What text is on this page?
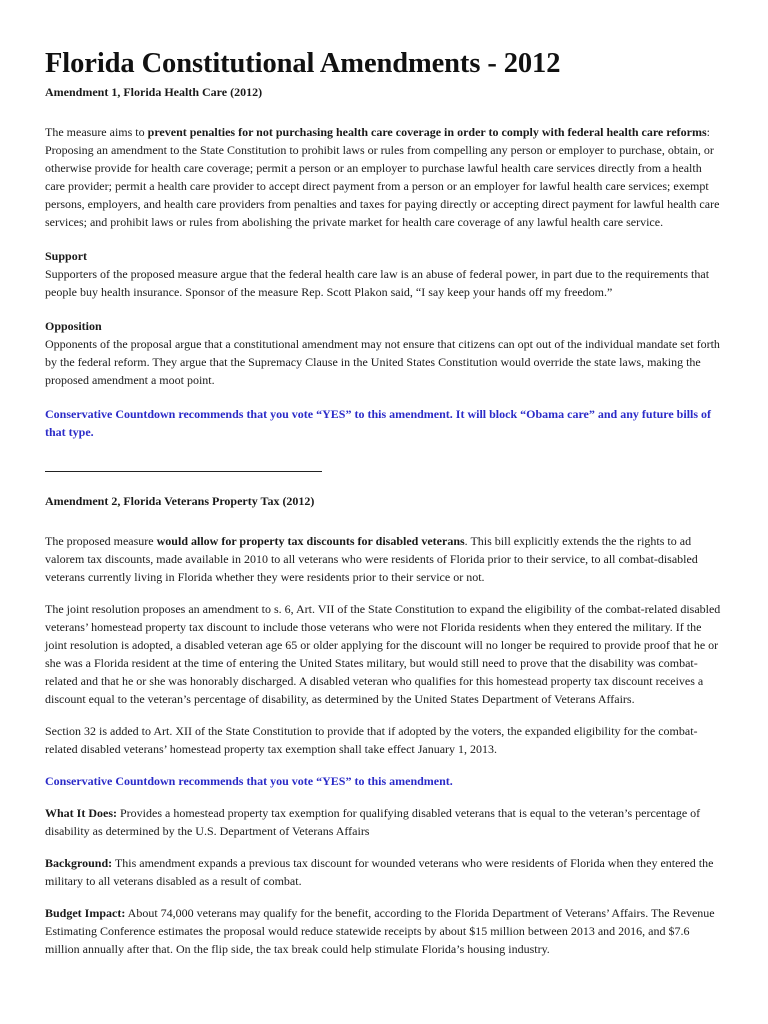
Florida Constitutional Amendments - 2012

Amendment 1, Florida Health Care (2012)

The measure aims to prevent penalties for not purchasing health care coverage in order to comply with federal health care reforms:

Proposing an amendment to the State Constitution to prohibit laws or rules from compelling any person or employer to purchase, obtain, or otherwise provide for health care coverage; permit a person or an employer to purchase lawful health care services directly from a health care provider; permit a health care provider to accept direct payment from a person or an employer for lawful health care services; exempt persons, employers, and health care providers from penalties and taxes for paying directly or accepting direct payment for lawful health care services; and prohibit laws or rules from abolishing the private market for health care coverage of any lawful health care service.

Support

Supporters of the proposed measure argue that the federal health care law is an abuse of federal power, in part due to the requirements that people buy health insurance. Sponsor of the measure Rep. Scott Plakon said, “I say keep your hands off my freedom.”

Opposition

Opponents of the proposal argue that a constitutional amendment may not ensure that citizens can opt out of the individual mandate set forth by the federal reform. They argue that the Supremacy Clause in the United States Constitution would override the state laws, making the proposed amendment a moot point.

Conservative Countdown recommends that you vote “YES” to this amendment. It will block “Obama care” and any future bills of that type.

Amendment 2, Florida Veterans Property Tax (2012)

The proposed measure would allow for property tax discounts for disabled veterans. This bill explicitly extends the the rights to ad valorem tax discounts, made available in 2010 to all veterans who were residents of Florida prior to their service, to all combat-disabled veterans currently living in Florida whether they were residents prior to their service or not.

The joint resolution proposes an amendment to s. 6, Art. VII of the State Constitution to expand the eligibility of the combat-related disabled veterans’ homestead property tax discount to include those veterans who were not Florida residents when they entered the military. If the joint resolution is adopted, a disabled veteran age 65 or older applying for the discount will no longer be required to provide proof that he or she was a Florida resident at the time of entering the United States military, but would still need to prove that the disability was combat-related and that he or she was honorably discharged. A disabled veteran who qualifies for this homestead property tax discount receives a discount equal to the veteran’s percentage of disability, as determined by the United States Department of Veterans Affairs.

Section 32 is added to Art. XII of the State Constitution to provide that if adopted by the voters, the expanded eligibility for the combat-related disabled veterans’ homestead property tax exemption shall take effect January 1, 2013.

Conservative Countdown recommends that you vote “YES” to this amendment.

What It Does: Provides a homestead property tax exemption for qualifying disabled veterans that is equal to the veteran’s percentage of disability as determined by the U.S. Department of Veterans Affairs

Background: This amendment expands a previous tax discount for wounded veterans who were residents of Florida when they entered the military to all veterans disabled as a result of combat.

Budget Impact: About 74,000 veterans may qualify for the benefit, according to the Florida Department of Veterans’ Affairs. The Revenue Estimating Conference estimates the proposal would reduce statewide receipts by about $15 million between 2013 and 2016, and $7.6 million annually after that. On the flip side, the tax break could help stimulate Florida’s housing industry.
